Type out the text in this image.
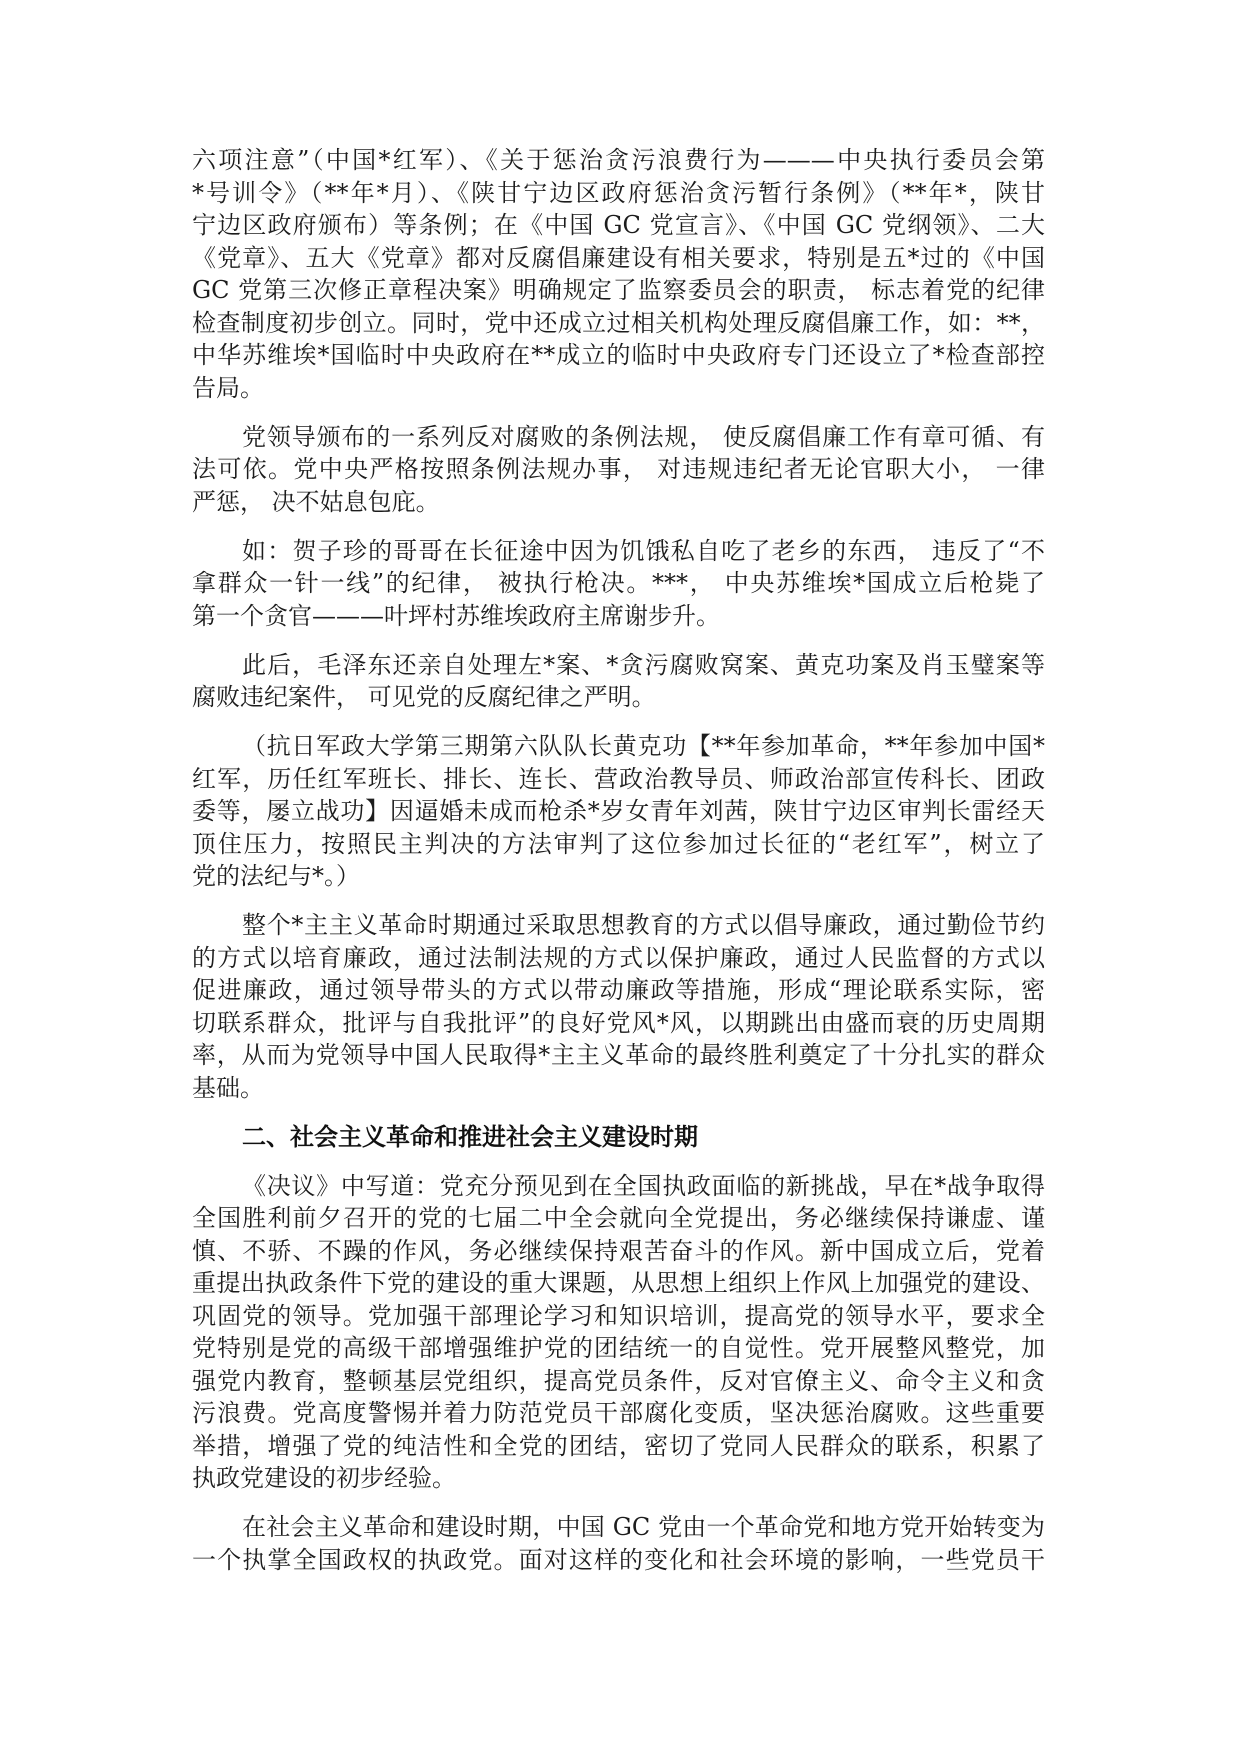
六项注意”（中国*红军）、《关于惩治贪污浪费行为———中央执行委员会第
*号训令》（**年*月）、《陕甘宁边区政府惩治贪污暂行条例》（**年*，陕甘
宁边区政府颁布）等条例；在《中国 GC 党宣言》、《中国 GC 党纲领》、二大
《党章》、五大《党章》都对反腐倡廉建设有相关要求，特别是五*过的《中国
GC 党第三次修正章程决案》明确规定了监察委员会的职责， 标志着党的纪律
检查制度初步创立。同时，党中还成立过相关机构处理反腐倡廉工作，如：**，
中华苏维埃*国临时中央政府在**成立的临时中央政府专门还设立了*检查部控
告局。
党领导颁布的一系列反对腐败的条例法规， 使反腐倡廉工作有章可循、有
法可依。党中央严格按照条例法规办事， 对违规违纪者无论官职大小， 一律
严惩， 决不姑息包庇。
如：贺子珍的哥哥在长征途中因为饥饿私自吃了老乡的东西， 违反了“不
拿群众一针一线”的纪律， 被执行枪决。***， 中央苏维埃*国成立后枪毙了
第一个贪官———叶坪村苏维埃政府主席谢步升。
此后，毛泽东还亲自处理左*案、*贪污腐败窝案、黄克功案及肖玉璧案等
腐败违纪案件， 可见党的反腐纪律之严明。
（抗日军政大学第三期第六队队长黄克功【**年参加革命，**年参加中国*
红军，历任红军班长、排长、连长、营政治教导员、师政治部宣传科长、团政
委等，屡立战功】因逼婚未成而枪杀*岁女青年刘茜，陕甘宁边区审判长雷经天
顶住压力，按照民主判决的方法审判了这位参加过长征的“老红军”，树立了
党的法纪与*。）
整个*主主义革命时期通过采取思想教育的方式以倡导廉政，通过勤俭节约
的方式以培育廉政，通过法制法规的方式以保护廉政，通过人民监督的方式以
促进廉政，通过领导带头的方式以带动廉政等措施，形成“理论联系实际，密
切联系群众，批评与自我批评”的良好党风*风，以期跳出由盛而衰的历史周期
率，从而为党领导中国人民取得*主主义革命的最终胜利奠定了十分扎实的群众
基础。
二、社会主义革命和推进社会主义建设时期
《决议》中写道：党充分预见到在全国执政面临的新挑战，早在*战争取得
全国胜利前夕召开的党的七届二中全会就向全党提出，务必继续保持谦虚、谨
慎、不骄、不躁的作风，务必继续保持艰苦奋斗的作风。新中国成立后，党着
重提出执政条件下党的建设的重大课题，从思想上组织上作风上加强党的建设、
巩固党的领导。党加强干部理论学习和知识培训，提高党的领导水平，要求全
党特别是党的高级干部增强维护党的团结统一的自觉性。党开展整风整党，加
强党内教育，整顿基层党组织，提高党员条件，反对官僚主义、命令主义和贪
污浪费。党高度警惕并着力防范党员干部腐化变质，坚决惩治腐败。这些重要
举措，增强了党的纯洁性和全党的团结，密切了党同人民群众的联系，积累了
执政党建设的初步经验。
在社会主义革命和建设时期，中国 GC 党由一个革命党和地方党开始转变为
一个执掌全国政权的执政党。面对这样的变化和社会环境的影响，一些党员干
